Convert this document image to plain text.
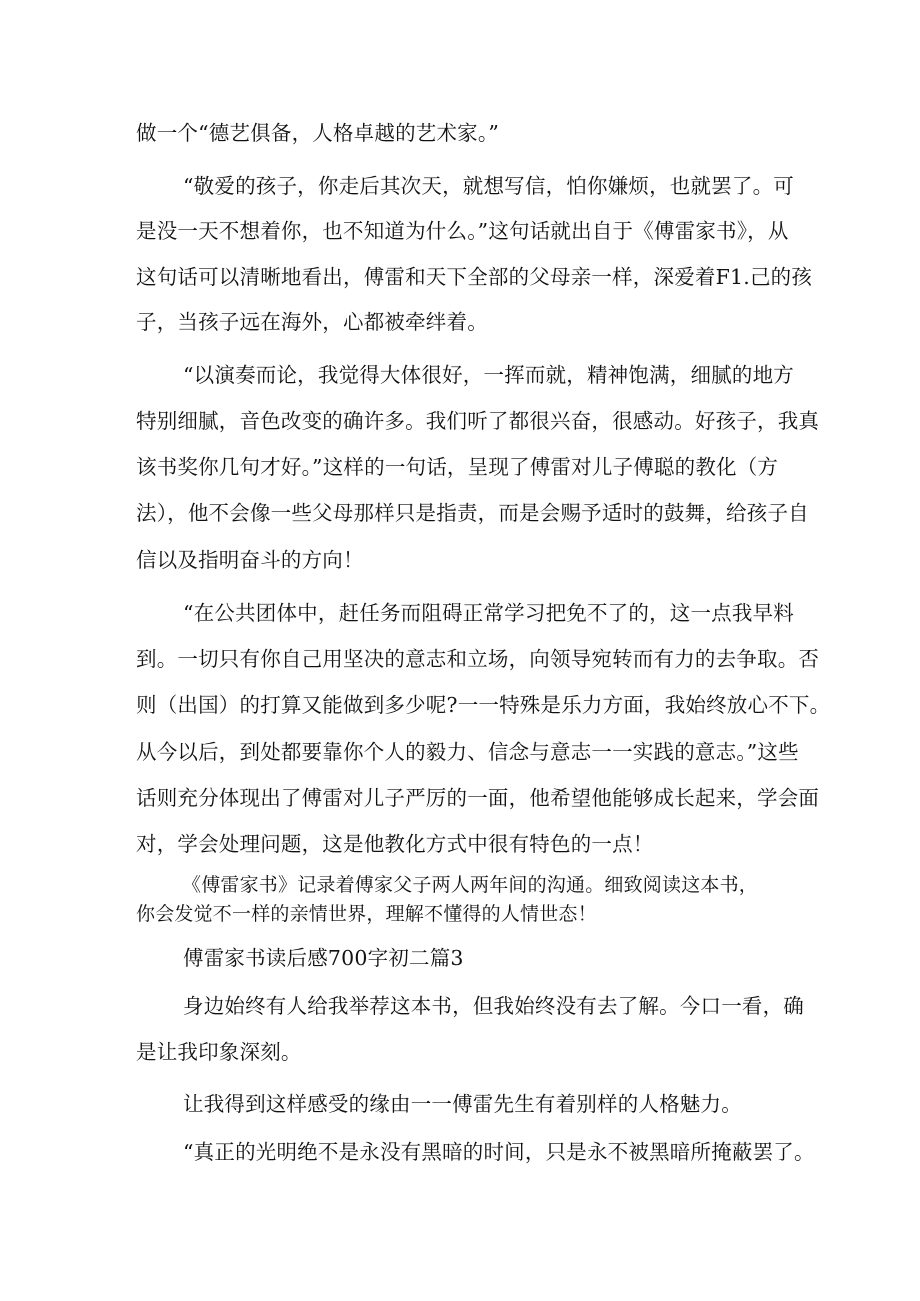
做一个“德艺俱备，人格卓越的艺术家。”
“敬爱的孩子，你走后其次天，就想写信，怕你嫌烦，也就罢了。可
是没一天不想着你，也不知道为什么。”这句话就出自于《傅雷家书》，从
这句话可以清晰地看出，傅雷和天下全部的父母亲一样，深爱着F1.己的孩
子，当孩子远在海外，心都被牵绊着。
“以演奏而论，我觉得大体很好，一挥而就，精神饱满，细腻的地方
特别细腻，音色改变的确许多。我们听了都很兴奋，很感动。好孩子，我真
该书奖你几句才好。”这样的一句话，呈现了傅雷对儿子傅聪的教化（方
法），他不会像一些父母那样只是指责，而是会赐予适时的鼓舞，给孩子自
信以及指明奋斗的方向！
“在公共团体中，赶任务而阻碍正常学习把免不了的，这一点我早料
到。一切只有你自己用坚决的意志和立场，向领导宛转而有力的去争取。否
则（出国）的打算又能做到多少呢?一一特殊是乐力方面，我始终放心不下。
从今以后，到处都要靠你个人的毅力、信念与意志一一实践的意志。”这些
话则充分体现出了傅雷对儿子严厉的一面，他希望他能够成长起来，学会面
对，学会处理问题，这是他教化方式中很有特色的一点！
《傅雷家书》记录着傅家父子两人两年间的沟通。细致阅读这本书，
你会发觉不一样的亲情世界，理解不懂得的人情世态！
傅雷家书读后感700字初二篇3
身边始终有人给我举荐这本书，但我始终没有去了解。今口一看，确
是让我印象深刻。
让我得到这样感受的缘由一一傅雷先生有着别样的人格魅力。
“真正的光明绝不是永没有黑暗的时间，只是永不被黑暗所掩蔽罢了。
